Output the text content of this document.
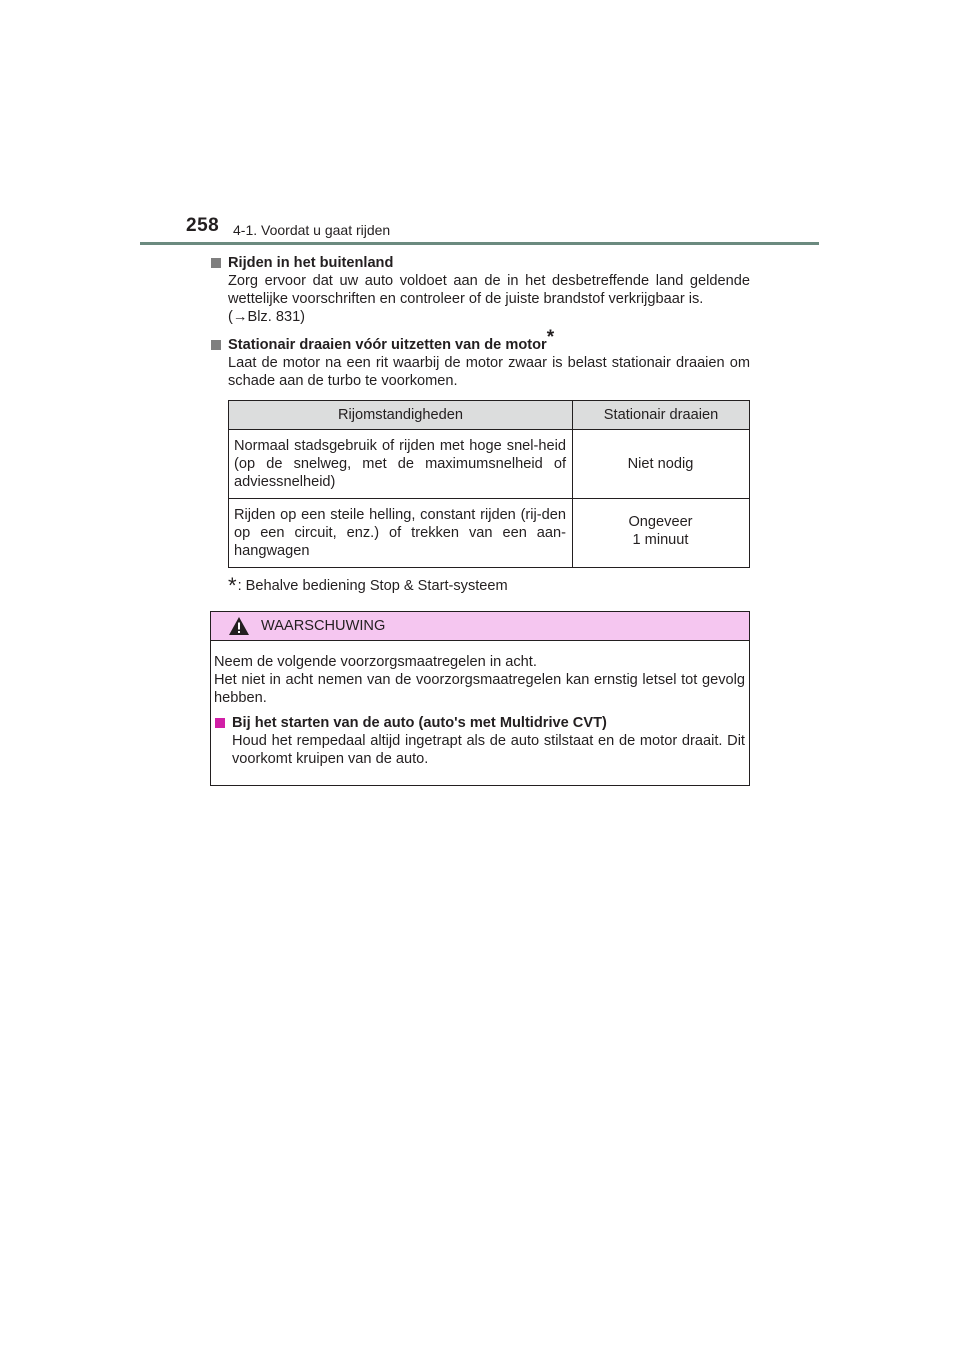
258 4-1. Voordat u gaat rijden
Rijden in het buitenland
Zorg ervoor dat uw auto voldoet aan de in het desbetreffende land geldende wettelijke voorschriften en controleer of de juiste brandstof verkrijgbaar is.
(→Blz. 831)
Stationair draaien vóór uitzetten van de motor*
Laat de motor na een rit waarbij de motor zwaar is belast stationair draaien om schade aan de turbo te voorkomen.
Rijomstandigheden	Stationair draaien
Normaal stadsgebruik of rijden met hoge snel-heid (op de snelweg, met de maximumsnelheid of adviessnelheid)	Niet nodig
Rijden op een steile helling, constant rijden (rij-den op een circuit, enz.) of trekken van een aan-hangwagen	Ongeveer
1 minuut
*: Behalve bediening Stop & Start-systeem
WAARSCHUWING
Neem de volgende voorzorgsmaatregelen in acht.
Het niet in acht nemen van de voorzorgsmaatregelen kan ernstig letsel tot gevolg hebben.
Bij het starten van de auto (auto's met Multidrive CVT)
Houd het rempedaal altijd ingetrapt als de auto stilstaat en de motor draait. Dit voorkomt kruipen van de auto.
